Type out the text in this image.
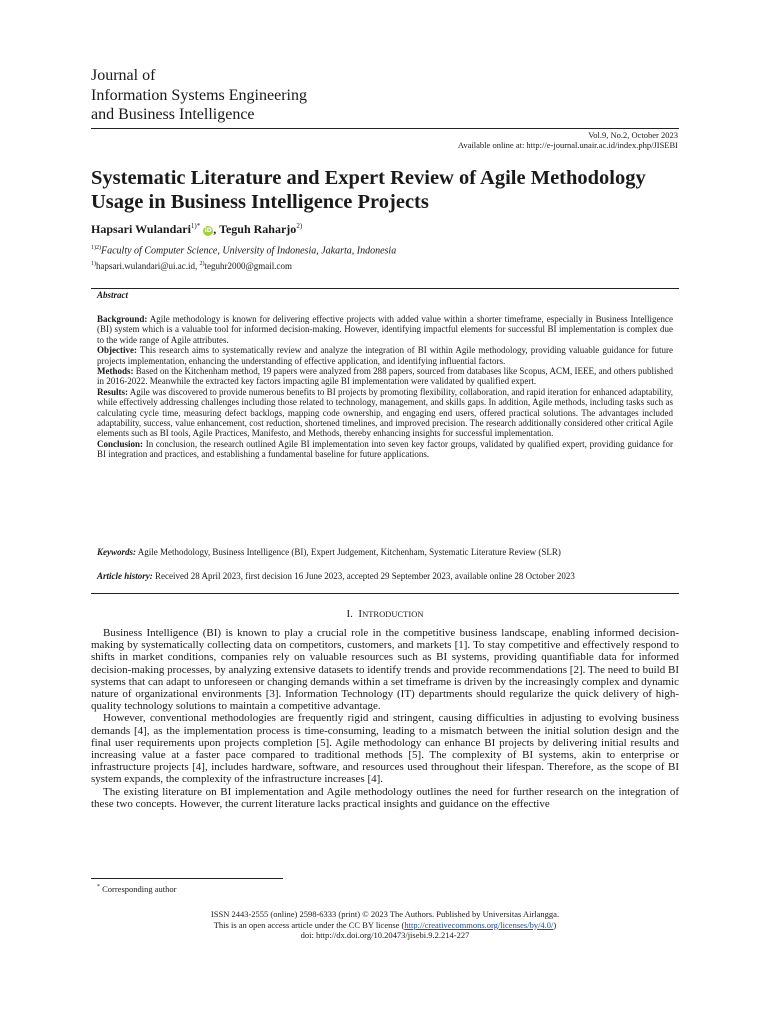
Journal of
Information Systems Engineering
and Business Intelligence
Vol.9, No.2, October 2023
Available online at: http://e-journal.unair.ac.id/index.php/JISEBI
Systematic Literature and Expert Review of Agile Methodology Usage in Business Intelligence Projects
Hapsari Wulandari$^{1)*}$ iD, Teguh Raharjo$^{2)}$
$^{1)2)}$Faculty of Computer Science, University of Indonesia, Jakarta, Indonesia
$^{1)}$hapsari.wulandari@ui.ac.id, $^{2)}$teguhr2000@gmail.com
Abstract

Background: Agile methodology is known for delivering effective projects with added value within a shorter timeframe, especially in Business Intelligence (BI) system which is a valuable tool for informed decision-making. However, identifying impactful elements for successful BI implementation is complex due to the wide range of Agile attributes.

Objective: This research aims to systematically review and analyze the integration of BI within Agile methodology, providing valuable guidance for future projects implementation, enhancing the understanding of effective application, and identifying influential factors.

Methods: Based on the Kitchenham method, 19 papers were analyzed from 288 papers, sourced from databases like Scopus, ACM, IEEE, and others published in 2016-2022. Meanwhile the extracted key factors impacting agile BI implementation were validated by qualified expert.

Results: Agile was discovered to provide numerous benefits to BI projects by promoting flexibility, collaboration, and rapid iteration for enhanced adaptability, while effectively addressing challenges including those related to technology, management, and skills gaps. In addition, Agile methods, including tasks such as calculating cycle time, measuring defect backlogs, mapping code ownership, and engaging end users, offered practical solutions. The advantages included adaptability, success, value enhancement, cost reduction, shortened timelines, and improved precision. The research additionally considered other critical Agile elements such as BI tools, Agile Practices, Manifesto, and Methods, thereby enhancing insights for successful implementation.

Conclusion: In conclusion, the research outlined Agile BI implementation into seven key factor groups, validated by qualified expert, providing guidance for BI integration and practices, and establishing a fundamental baseline for future applications.

Keywords: Agile Methodology, Business Intelligence (BI), Expert Judgement, Kitchenham, Systematic Literature Review (SLR)
Article history: Received 28 April 2023, first decision 16 June 2023, accepted 29 September 2023, available online 28 October 2023
I. INTRODUCTION

Business Intelligence (BI) is known to play a crucial role in the competitive business landscape, enabling informed decision-making by systematically collecting data on competitors, customers, and markets [1]. To stay competitive and effectively respond to shifts in market conditions, companies rely on valuable resources such as BI systems, providing quantifiable data for informed decision-making processes, by analyzing extensive datasets to identify trends and provide recommendations [2]. The need to build BI systems that can adapt to unforeseen or changing demands within a set timeframe is driven by the increasingly complex and dynamic nature of organizational environments [3]. Information Technology (IT) departments should regularize the quick delivery of high-quality technology solutions to maintain a competitive advantage.

However, conventional methodologies are frequently rigid and stringent, causing difficulties in adjusting to evolving business demands [4], as the implementation process is time-consuming, leading to a mismatch between the initial solution design and the final user requirements upon projects completion [5]. Agile methodology can enhance BI projects by delivering initial results and increasing value at a faster pace compared to traditional methods [5]. The complexity of BI systems, akin to enterprise or infrastructure projects [4], includes hardware, software, and resources used throughout their lifespan. Therefore, as the scope of BI system expands, the complexity of the infrastructure increases [4].

The existing literature on BI implementation and Agile methodology outlines the need for further research on the integration of these two concepts. However, the current literature lacks practical insights and guidance on the effective

* Corresponding author
ISSN 2443-2555 (online) 2598-6333 (print) © 2023 The Authors. Published by Universitas Airlangga.
This is an open access article under the CC BY license (http://creativecommons.org/licenses/by/4.0/)
doi: http://dx.doi.org/10.20473/jisebi.9.2.214-227
